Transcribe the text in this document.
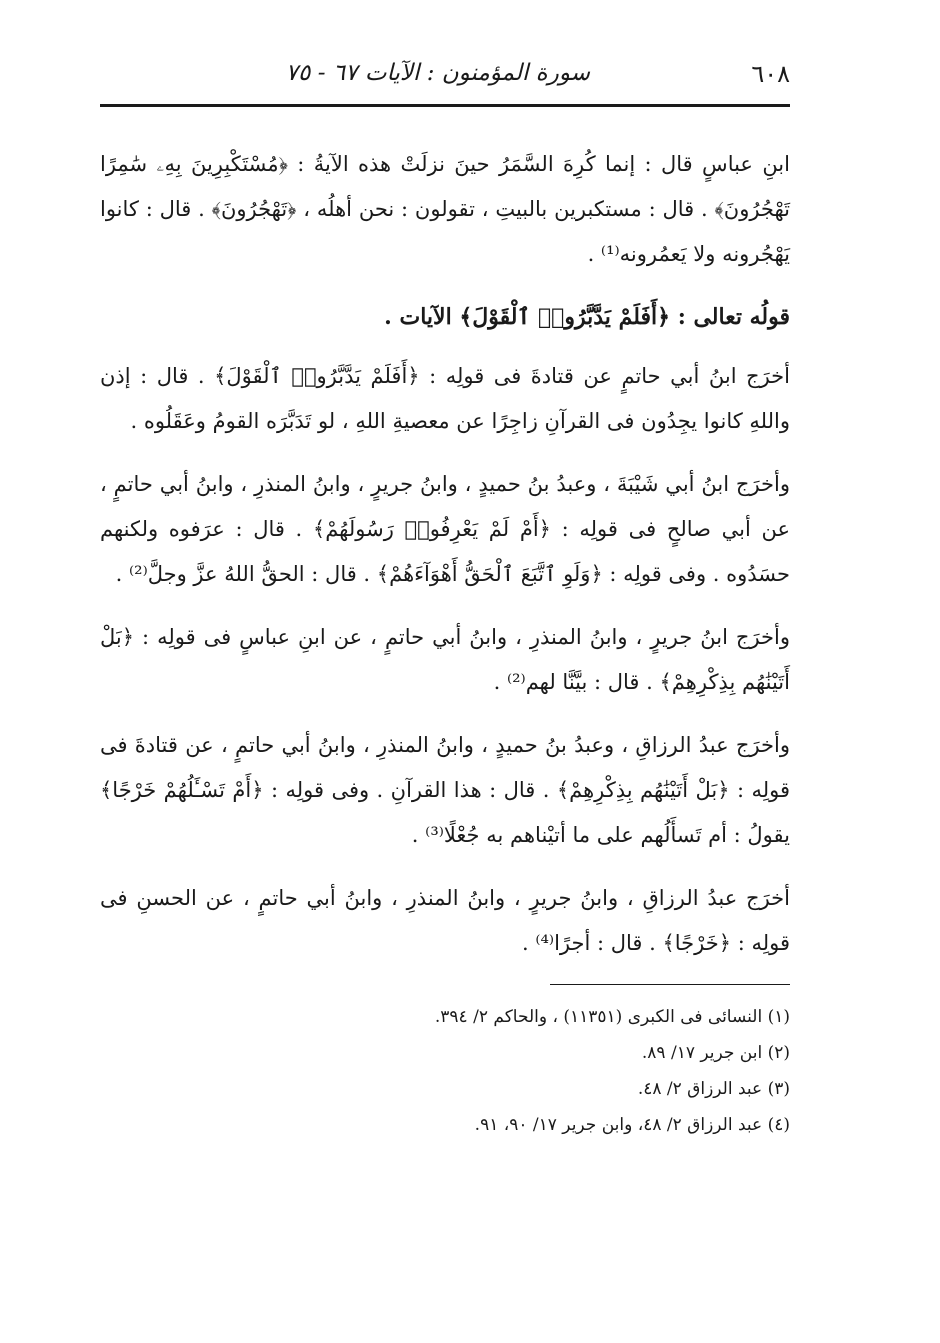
٦٠٨
سورة المؤمنون : الآيات ٦٧ - ٧٥

ابنِ عباسٍ قال : إنما كُرِهَ السَّمَرُ حينَ نزلَتْ هذه الآيةُ : ﴿مُسْتَكْبِرِينَ بِهِۦ سَٰمِرًا تَهْجُرُونَ﴾ . قال : مستكبرين بالبيتِ ، تقولون : نحن أهلُه ، ﴿تَهْجُرُونَ﴾ . قال : كانوا يَهْجُرونه ولا يَعمُرونه⁽¹⁾ .

قولُه تعالى : ﴿أَفَلَمْ يَدَّبَّرُوا۟ ٱلْقَوْلَ﴾ الآيات .

أخرَج ابنُ أبي حاتمٍ عن قتادةَ فى قولِه : ﴿أَفَلَمْ يَدَّبَّرُوا۟ ٱلْقَوْلَ﴾ . قال : إذن واللهِ كانوا يجِدُون فى القرآنِ زاجِرًا عن معصيةِ اللهِ ، لو تَدَبَّرَه القومُ وعَقَلُوه .

وأخرَج ابنُ أبي شَيْبَةَ ، وعبدُ بنُ حميدٍ ، وابنُ جريرٍ ، وابنُ المنذرِ ، وابنُ أبي حاتمٍ ، عن أبي صالحٍ فى قولِه : ﴿أَمْ لَمْ يَعْرِفُوا۟ رَسُولَهُمْ﴾ . قال : عرَفوه ولكنهم حسَدُوه . وفى قولِه : ﴿وَلَوِ ٱتَّبَعَ ٱلْحَقُّ أَهْوَآءَهُمْ﴾ . قال : الحقُّ اللهُ عزَّ وجلَّ⁽²⁾ .

وأخرَج ابنُ جريرٍ ، وابنُ المنذرِ ، وابنُ أبي حاتمٍ ، عن ابنِ عباسٍ فى قولِه : ﴿بَلْ أَتَيْنَٰهُم بِذِكْرِهِمْ﴾ . قال : بيَّنَّا لهم⁽²⁾ .

وأخرَج عبدُ الرزاقِ ، وعبدُ بنُ حميدٍ ، وابنُ المنذرِ ، وابنُ أبي حاتمٍ ، عن قتادةَ فى قولِه : ﴿بَلْ أَتَيْنَٰهُم بِذِكْرِهِمْ﴾ . قال : هذا القرآنِ . وفى قولِه : ﴿أَمْ تَسْـَٔلُهُمْ خَرْجًا﴾ يقولُ : أم تَسأَلُهم على ما أتيْناهم به جُعْلًا⁽³⁾ .

أخرَج عبدُ الرزاقِ ، وابنُ جريرٍ ، وابنُ المنذرِ ، وابنُ أبي حاتمٍ ، عن الحسنِ فى قولِه : ﴿خَرْجًا﴾ . قال : أجرًا⁽⁴⁾ .

(١) النسائى فى الكبرى (١١٣٥١) ، والحاكم ٢/ ٣٩٤.

(٢) ابن جرير ١٧/ ٨٩.

(٣) عبد الرزاق ٢/ ٤٨.

(٤) عبد الرزاق ٢/ ٤٨، وابن جرير ١٧/ ٩٠، ٩١.
